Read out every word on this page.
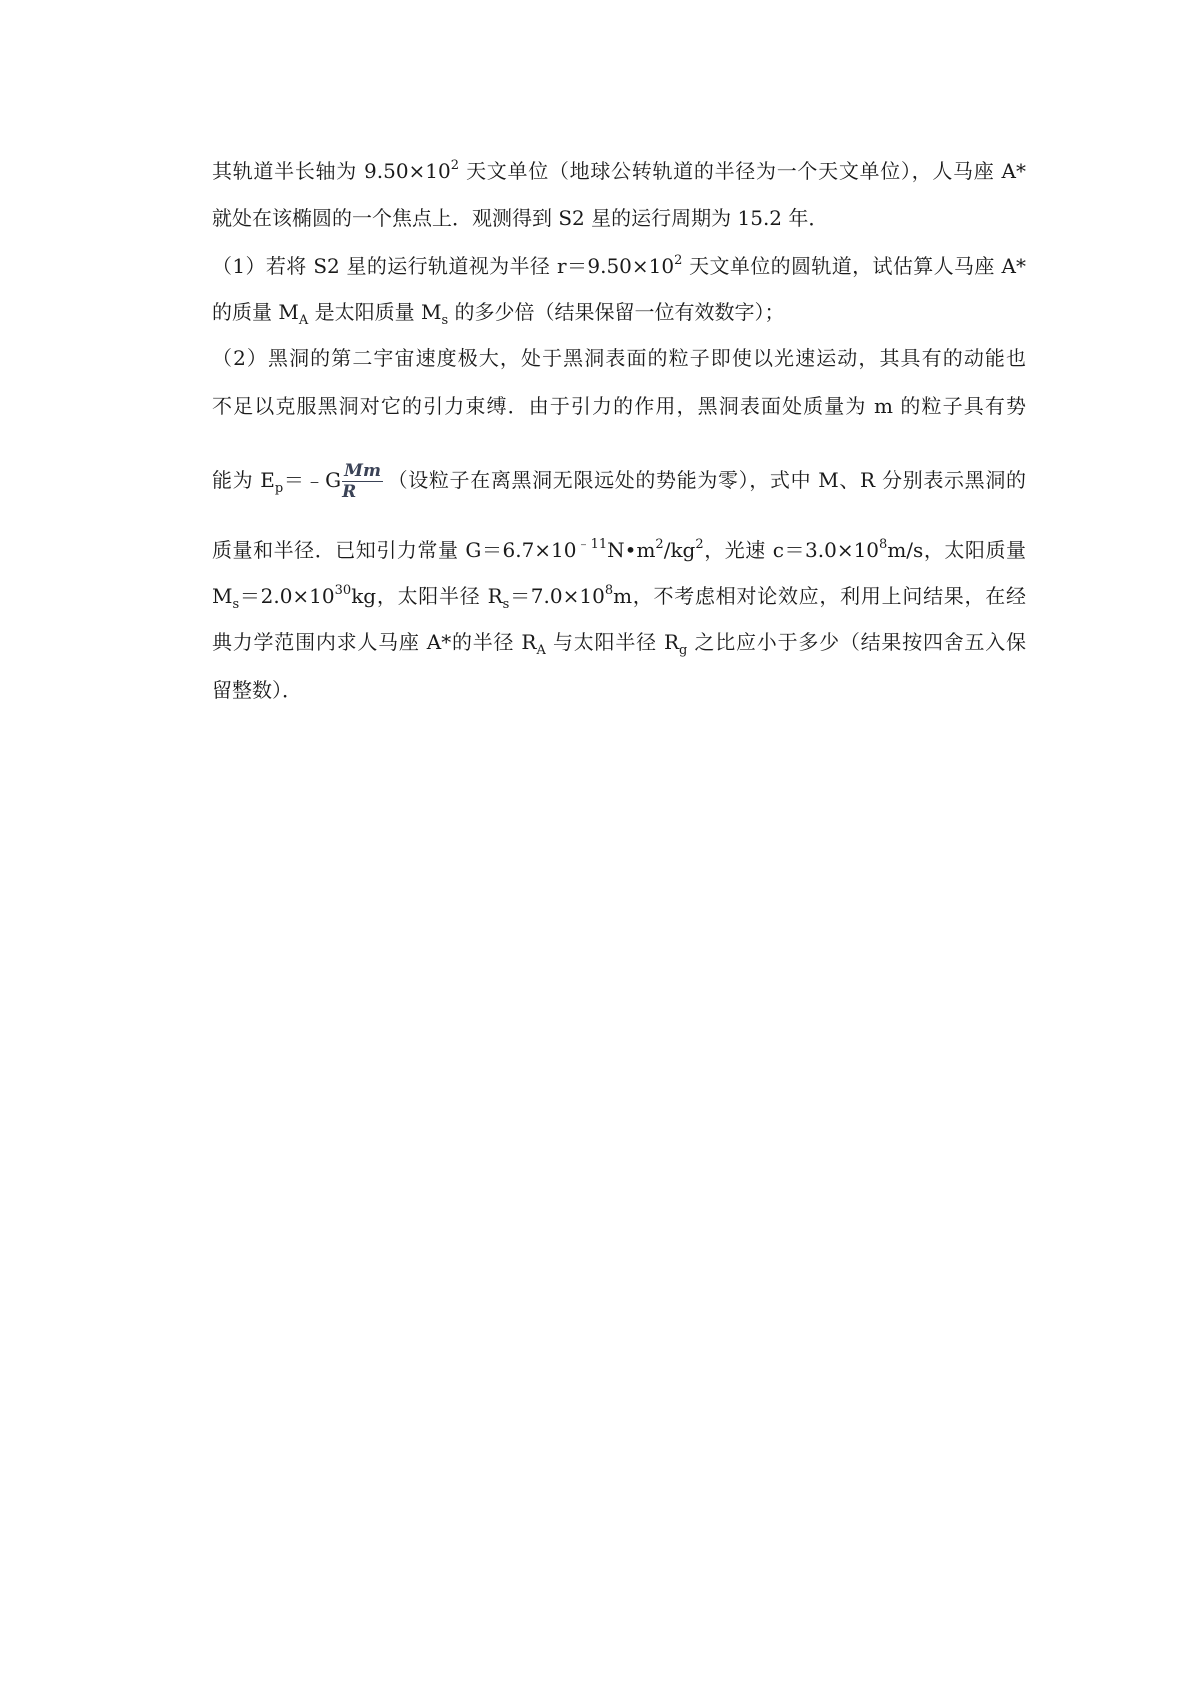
其轨道半长轴为 $9.50\times 10^2$ 天文单位（地球公转轨道的半径为一个天文单位），人马座 A*
就处在该椭圆的一个焦点上．观测得到 S2 星的运行周期为 15.2 年．
（1）若将 S2 星的运行轨道视为半径 $r=9.50\times 10^2$ 天文单位的圆轨道，试估算人马座 A*
的质量 $M_A$ 是太阳质量 $M_s$ 的多少倍（结果保留一位有效数字）；
（2）黑洞的第二宇宙速度极大，处于黑洞表面的粒子即使以光速运动，其具有的动能也
不足以克服黑洞对它的引力束缚．由于引力的作用，黑洞表面处质量为 m 的粒子具有势
能为 $E_p=﹣G \frac{Mm}{R}$ （设粒子在离黑洞无限远处的势能为零），式中 M、R 分别表示黑洞的
质量和半径．已知引力常量 $G=6.7\times 10^{﹣11}N•m^2/kg^2$，光速 $c=3.0\times 10^8m/s$，太阳质量
$M_s=2.0\times 10^{30}kg$，太阳半径 $R_s=7.0\times 10^8m$，不考虑相对论效应，利用上问结果，在经
典力学范围内求人马座 A*的半径 $R_A$ 与太阳半径 $R_g$ 之比应小于多少（结果按四舍五入保
留整数）．
